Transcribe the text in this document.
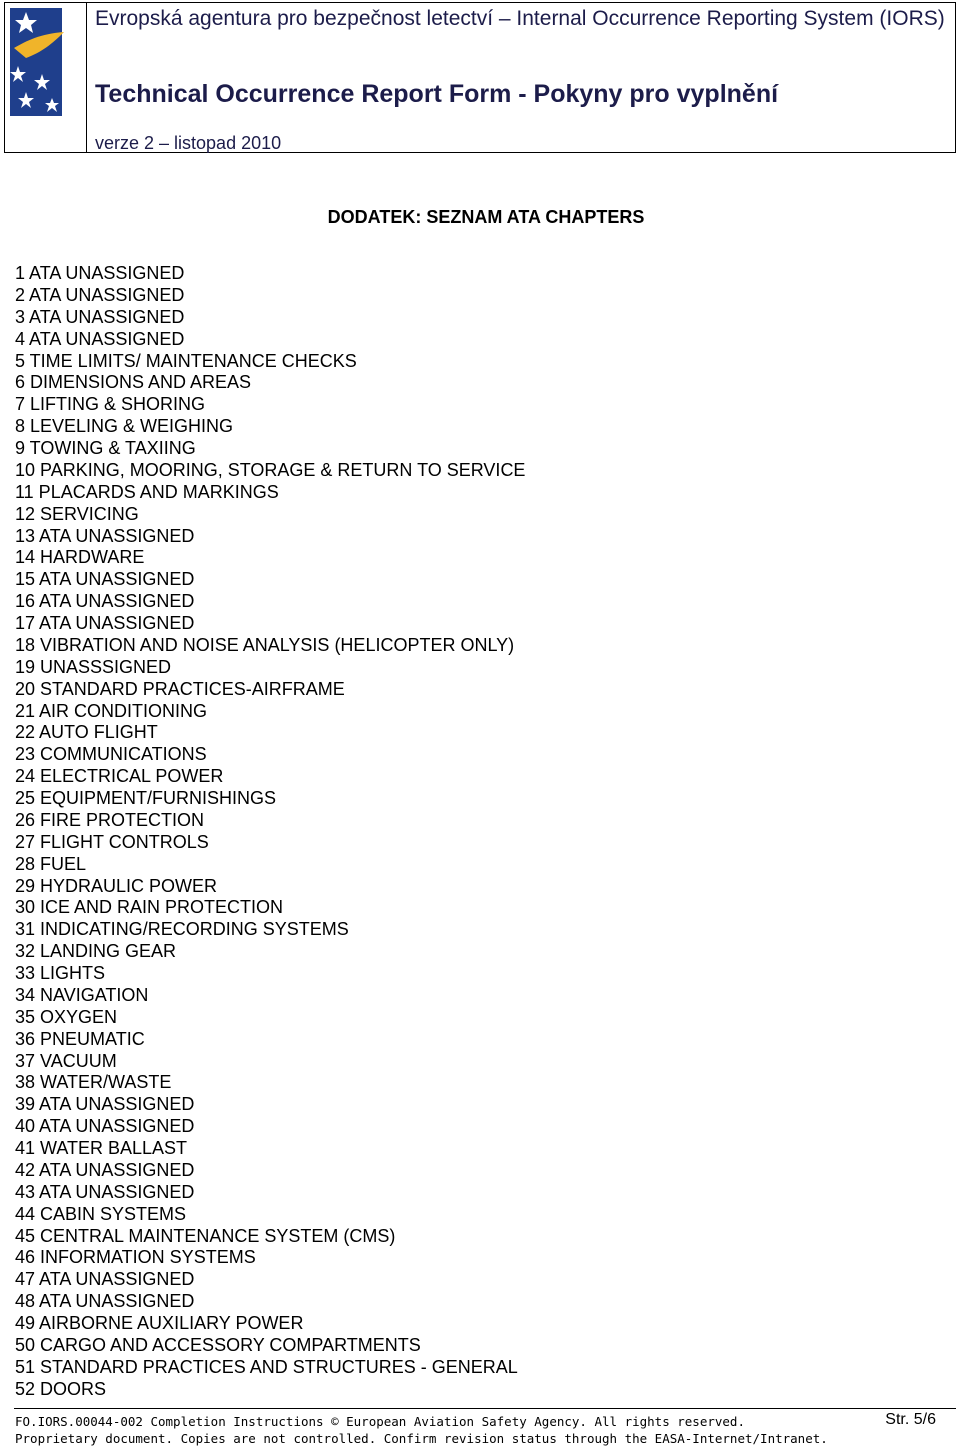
Evropská agentura pro bezpečnost letectví – Internal Occurrence Reporting System (IORS)
Technical Occurrence Report Form - Pokyny pro vyplnění
verze 2 – listopad 2010
DODATEK: SEZNAM ATA CHAPTERS
1 ATA UNASSIGNED
2 ATA UNASSIGNED
3 ATA UNASSIGNED
4 ATA UNASSIGNED
5 TIME LIMITS/ MAINTENANCE CHECKS
6 DIMENSIONS AND AREAS
7 LIFTING & SHORING
8 LEVELING & WEIGHING
9 TOWING & TAXIING
10 PARKING, MOORING, STORAGE & RETURN TO SERVICE
11 PLACARDS AND MARKINGS
12 SERVICING
13 ATA UNASSIGNED
14 HARDWARE
15 ATA UNASSIGNED
16 ATA UNASSIGNED
17 ATA UNASSIGNED
18 VIBRATION AND NOISE ANALYSIS (HELICOPTER ONLY)
19 UNASSSIGNED
20 STANDARD PRACTICES-AIRFRAME
21 AIR CONDITIONING
22 AUTO FLIGHT
23 COMMUNICATIONS
24 ELECTRICAL POWER
25 EQUIPMENT/FURNISHINGS
26 FIRE PROTECTION
27 FLIGHT CONTROLS
28 FUEL
29 HYDRAULIC POWER
30 ICE AND RAIN PROTECTION
31 INDICATING/RECORDING SYSTEMS
32 LANDING GEAR
33 LIGHTS
34 NAVIGATION
35 OXYGEN
36 PNEUMATIC
37 VACUUM
38 WATER/WASTE
39 ATA UNASSIGNED
40 ATA UNASSIGNED
41 WATER BALLAST
42 ATA UNASSIGNED
43 ATA UNASSIGNED
44 CABIN SYSTEMS
45 CENTRAL MAINTENANCE SYSTEM (CMS)
46 INFORMATION SYSTEMS
47 ATA UNASSIGNED
48 ATA UNASSIGNED
49 AIRBORNE AUXILIARY POWER
50 CARGO AND ACCESSORY COMPARTMENTS
51 STANDARD PRACTICES AND STRUCTURES - GENERAL
52 DOORS
FO.IORS.00044-002 Completion Instructions © European Aviation Safety Agency. All rights reserved.
Proprietary document. Copies are not controlled. Confirm revision status through the EASA-Internet/Intranet.
Str. 5/6
